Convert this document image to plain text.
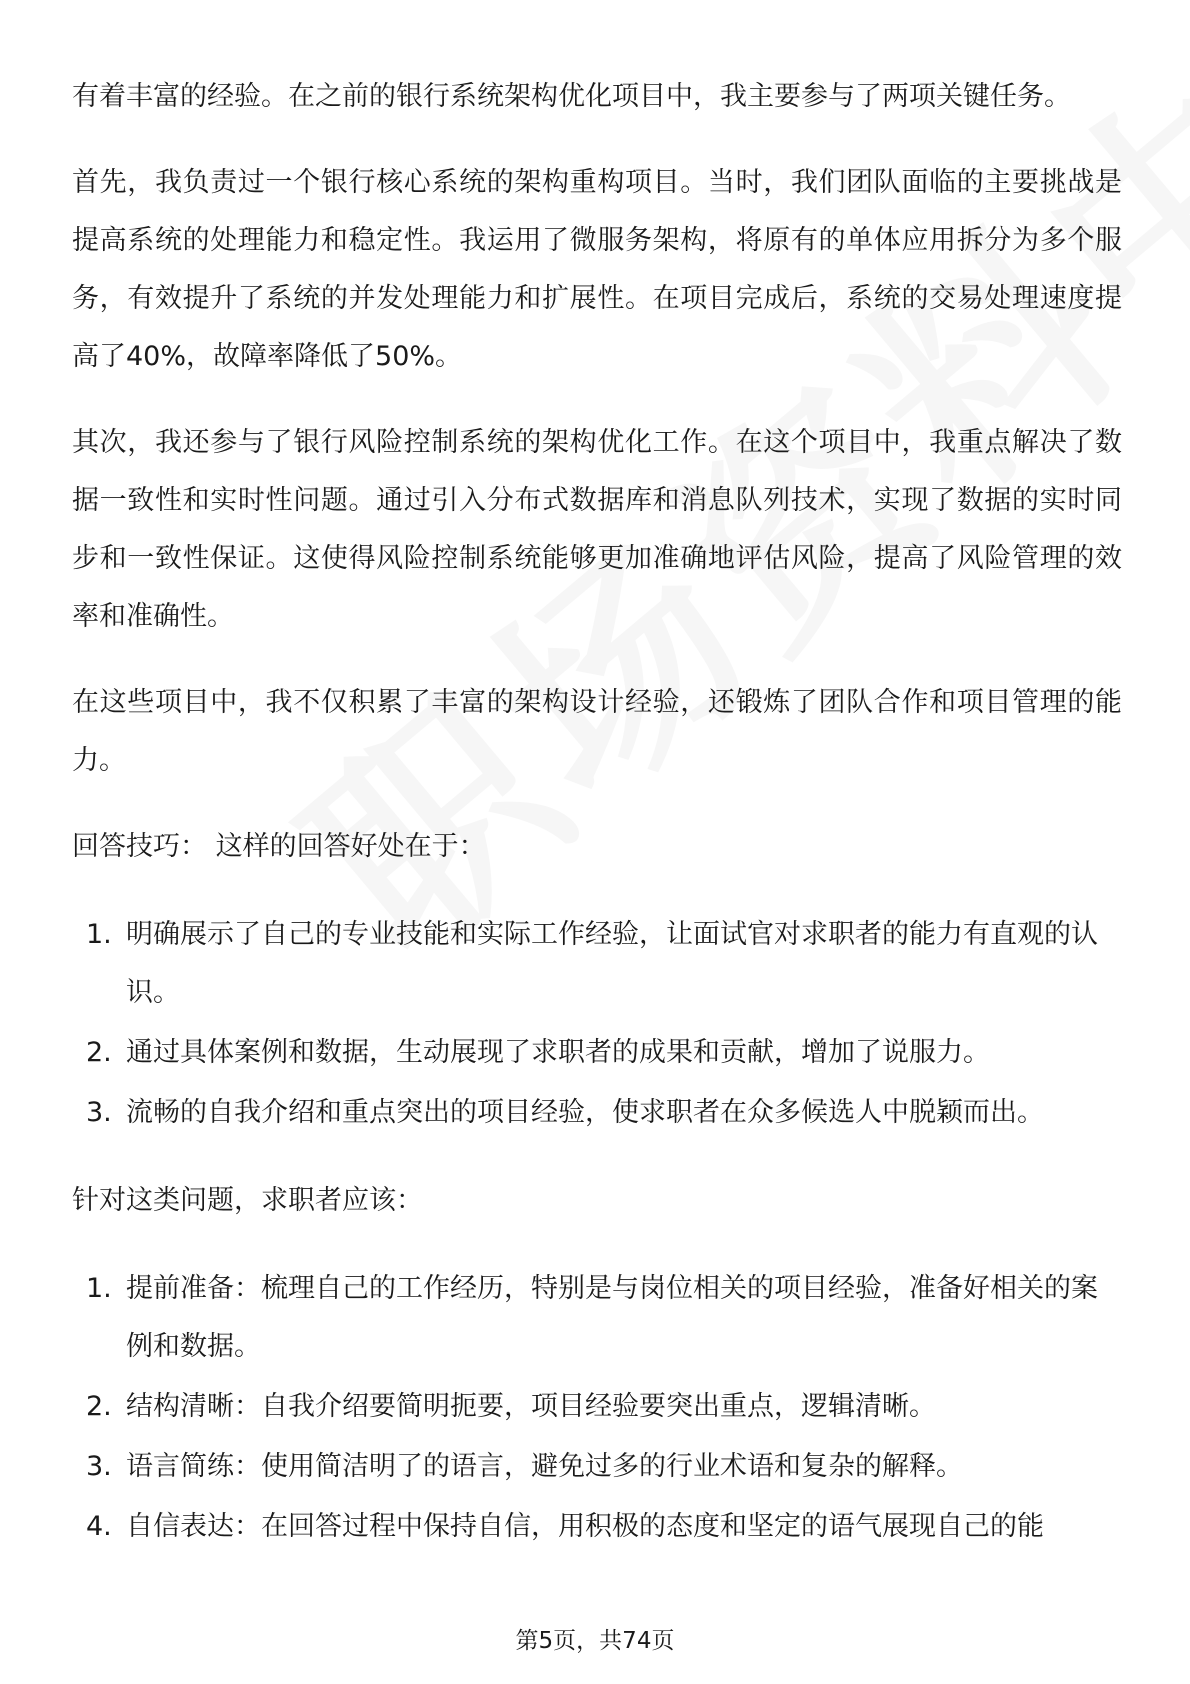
有着丰富的经验。在之前的银行系统架构优化项目中，我主要参与了两项关键任务。

首先，我负责过一个银行核心系统的架构重构项目。当时，我们团队面临的主要挑战是提高系统的处理能力和稳定性。我运用了微服务架构，将原有的单体应用拆分为多个服务，有效提升了系统的并发处理能力和扩展性。在项目完成后，系统的交易处理速度提高了40%，故障率降低了50%。

其次，我还参与了银行风险控制系统的架构优化工作。在这个项目中，我重点解决了数据一致性和实时性问题。通过引入分布式数据库和消息队列技术，实现了数据的实时同步和一致性保证。这使得风险控制系统能够更加准确地评估风险，提高了风险管理的效率和准确性。

在这些项目中，我不仅积累了丰富的架构设计经验，还锻炼了团队合作和项目管理的能力。

回答技巧： 这样的回答好处在于：

1. 明确展示了自己的专业技能和实际工作经验，让面试官对求职者的能力有直观的认识。
2. 通过具体案例和数据，生动展现了求职者的成果和贡献，增加了说服力。
3. 流畅的自我介绍和重点突出的项目经验，使求职者在众多候选人中脱颖而出。

针对这类问题，求职者应该：

1. 提前准备：梳理自己的工作经历，特别是与岗位相关的项目经验，准备好相关的案例和数据。
2. 结构清晰：自我介绍要简明扼要，项目经验要突出重点，逻辑清晰。
3. 语言简练：使用简洁明了的语言，避免过多的行业术语和复杂的解释。
4. 自信表达：在回答过程中保持自信，用积极的态度和坚定的语气展现自己的能
第5页，共74页
